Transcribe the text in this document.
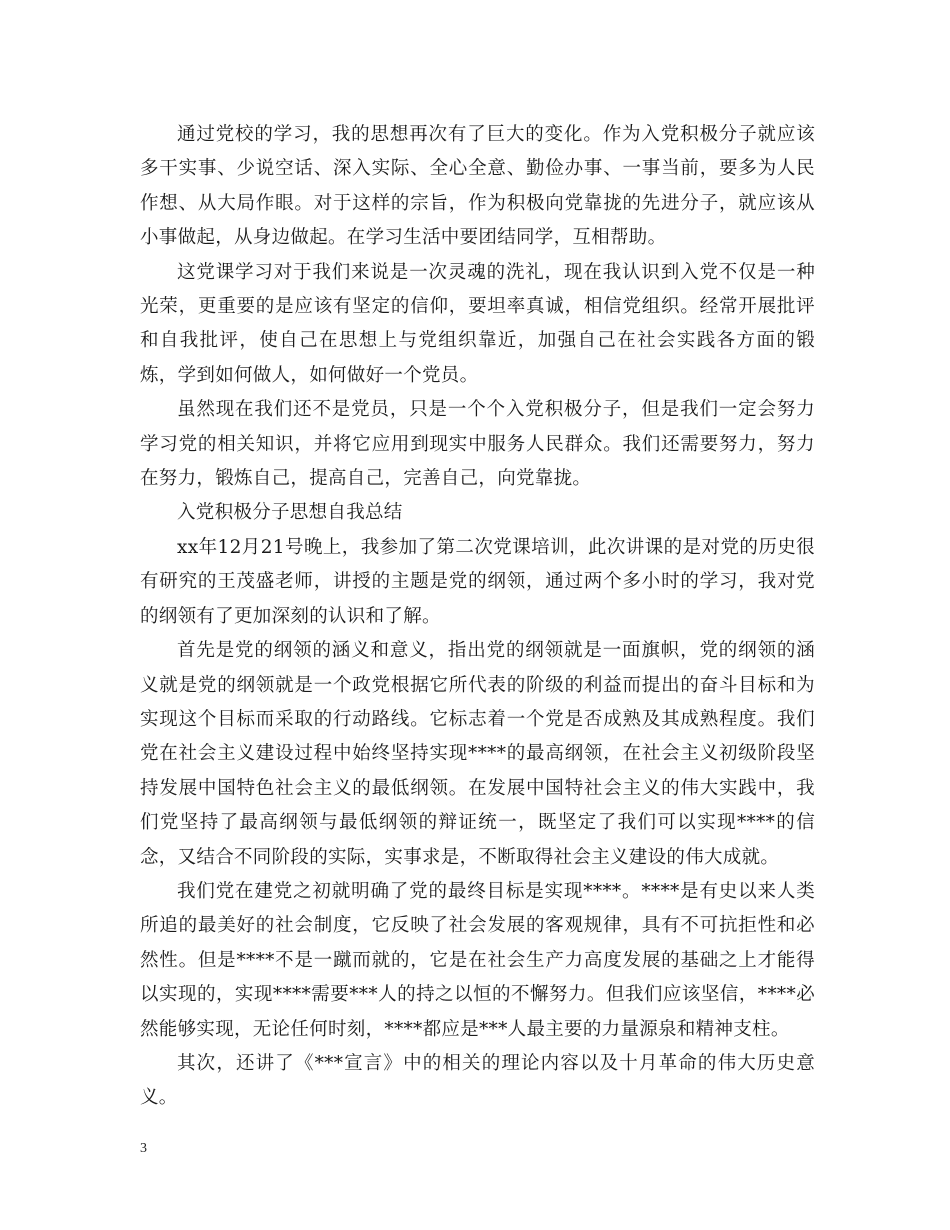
通过党校的学习，我的思想再次有了巨大的变化。作为入党积极分子就应该多干实事、少说空话、深入实际、全心全意、勤俭办事、一事当前，要多为人民作想、从大局作眼。对于这样的宗旨，作为积极向党靠拢的先进分子，就应该从小事做起，从身边做起。在学习生活中要团结同学，互相帮助。

这党课学习对于我们来说是一次灵魂的洗礼，现在我认识到入党不仅是一种光荣，更重要的是应该有坚定的信仰，要坦率真诚，相信党组织。经常开展批评和自我批评，使自己在思想上与党组织靠近，加强自己在社会实践各方面的锻炼，学到如何做人，如何做好一个党员。

虽然现在我们还不是党员，只是一个个入党积极分子，但是我们一定会努力学习党的相关知识，并将它应用到现实中服务人民群众。我们还需要努力，努力在努力，锻炼自己，提高自己，完善自己，向党靠拢。

入党积极分子思想自我总结

xx年12月21号晚上，我参加了第二次党课培训，此次讲课的是对党的历史很有研究的王茂盛老师，讲授的主题是党的纲领，通过两个多小时的学习，我对党的纲领有了更加深刻的认识和了解。

首先是党的纲领的涵义和意义，指出党的纲领就是一面旗帜，党的纲领的涵义就是党的纲领就是一个政党根据它所代表的阶级的利益而提出的奋斗目标和为实现这个目标而采取的行动路线。它标志着一个党是否成熟及其成熟程度。我们党在社会主义建设过程中始终坚持实现****的最高纲领，在社会主义初级阶段坚持发展中国特色社会主义的最低纲领。在发展中国特社会主义的伟大实践中，我们党坚持了最高纲领与最低纲领的辩证统一，既坚定了我们可以实现****的信念，又结合不同阶段的实际，实事求是，不断取得社会主义建设的伟大成就。

我们党在建党之初就明确了党的最终目标是实现****。****是有史以来人类所追的最美好的社会制度，它反映了社会发展的客观规律，具有不可抗拒性和必然性。但是****不是一蹴而就的，它是在社会生产力高度发展的基础之上才能得以实现的，实现****需要***人的持之以恒的不懈努力。但我们应该坚信，****必然能够实现，无论任何时刻，****都应是***人最主要的力量源泉和精神支柱。

其次，还讲了《***宣言》中的相关的理论内容以及十月革命的伟大历史意义。

3
